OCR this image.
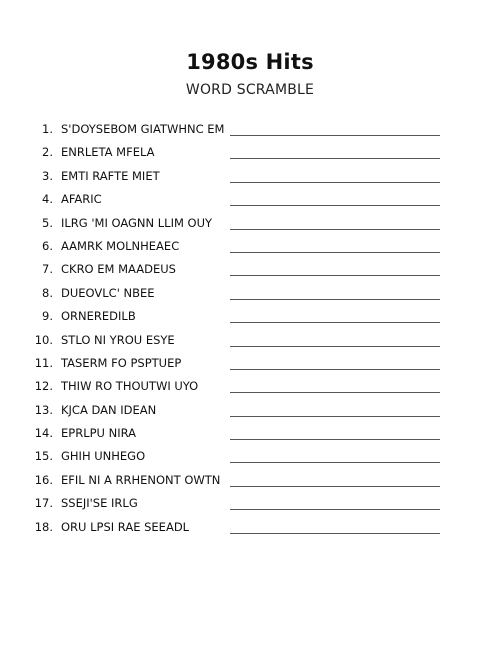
1980s Hits
WORD SCRAMBLE
1. S'DOYSEBOM GIATWHNC EM
2. ENRLETA MFELA
3. EMTI RAFTE MIET
4. AFARIC
5. ILRG 'MI OAGNN LLIM OUY
6. AAMRK MOLNHEAEC
7. CKRO EM MAADEUS
8. DUEOVLC' NBEE
9. ORNEREDILB
10. STLO NI YROU ESYE
11. TASERM FO PSPTUEP
12. THIW RO THOUTWI UYO
13. KJCA DAN IDEAN
14. EPRLPU NIRA
15. GHIH UNHEGO
16. EFIL NI A RRHENONT OWTN
17. SSEJI'SE IRLG
18. ORU LPSI RAE SEEADL
